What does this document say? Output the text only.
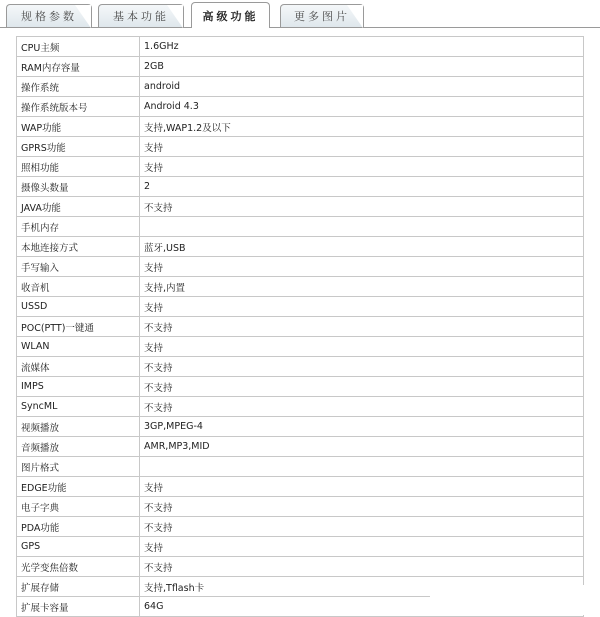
规格参数	基本功能	高级功能	更多图片
CPU主频	1.6GHz
RAM内存容量	2GB
操作系统	android
操作系统版本号	Android 4.3
WAP功能	支持,WAP1.2及以下
GPRS功能	支持
照相功能	支持
摄像头数量	2
JAVA功能	不支持
手机内存	
本地连接方式	蓝牙,USB
手写输入	支持
收音机	支持,内置
USSD	支持
POC(PTT)一键通	不支持
WLAN	支持
流媒体	不支持
IMPS	不支持
SyncML	不支持
视频播放	3GP,MPEG-4
音频播放	AMR,MP3,MID
图片格式	
EDGE功能	支持
电子字典	不支持
PDA功能	不支持
GPS	支持
光学变焦倍数	不支持
扩展存储	支持,Tflash卡
扩展卡容量	64G
